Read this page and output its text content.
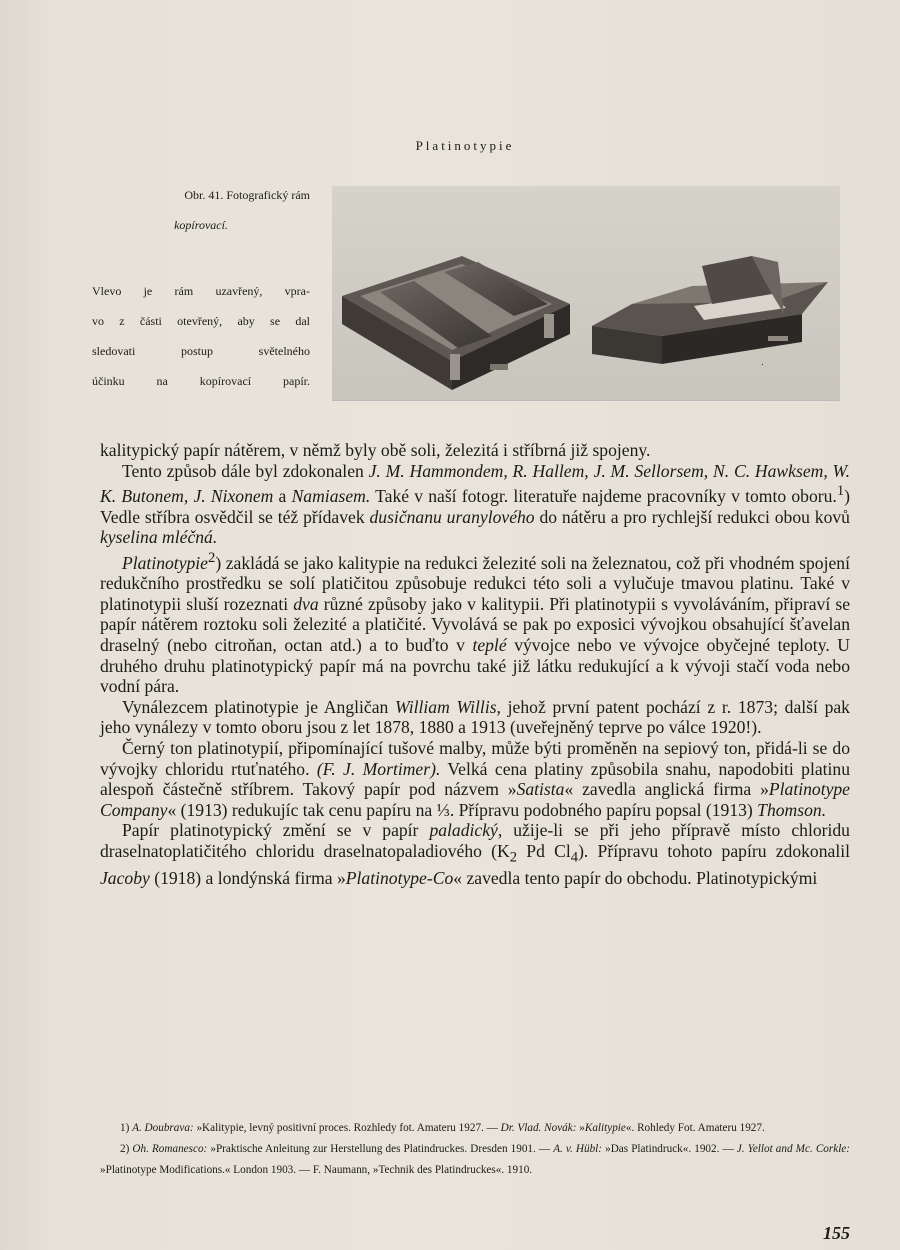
Platinotypie
Obr. 41. Fotografický rám
kopírovací.
Vlevo je rám uzavřený, vpra-
vo z části otevřený, aby se dal
sledovati postup světelného
účinku na kopírovací papír.

kalitypický papír nátěrem, v němž byly obě soli, železitá i stříbrná již spojeny.

Tento způsob dále byl zdokonalen J. M. Hammondem, R. Hallem, J. M. Sellorsem, N. C. Hawksem, W. K. Butonem, J. Nixonem a Namiasem. Také v naší fotogr. literatuře najdeme pracovníky v tomto oboru.$^1$) Vedle stříbra osvědčil se též přídavek dusičnanu uranylového do nátěru a pro rychlejší redukci obou kovů kyselina mléčná.

Platinotypie$^2$) zakládá se jako kalitypie na redukci železité soli na železnatou, což při vhodném spojení redukčního prostředku se solí platičitou způsobuje redukci této soli a vylučuje tmavou platinu. Také v platinotypii sluší rozeznati dva různé způsoby jako v kalitypii. Při platinotypii s vyvoláváním, připraví se papír nátěrem roztoku soli železité a platičité. Vyvolává se pak po exposici vývojkou obsahující šťavelan draselný (nebo citroňan, octan atd.) a to buďto v teplé vývojce nebo ve vývojce obyčejné teploty. U druhého druhu platinotypický papír má na povrchu také již látku redukující a k vývoji stačí voda nebo vodní pára.

Vynálezcem platinotypie je Angličan William Willis, jehož první patent pochází z r. 1873; další pak jeho vynálezy v tomto oboru jsou z let 1878, 1880 a 1913 (uveřejněný teprve po válce 1920!).

Černý ton platinotypií, připomínající tušové malby, může býti proměněn na sepiový ton, přidá-li se do vývojky chloridu rtuťnatého. (F. J. Mortimer). Velká cena platiny způsobila snahu, napodobiti platinu alespoň částečně stříbrem. Takový papír pod názvem »Satista« zavedla anglická firma »Platinotype Company« (1913) redukujíc tak cenu papíru na ⅓. Přípravu podobného papíru popsal (1913) Thomson.

Papír platinotypický změní se v papír paladický, užije-li se při jeho přípravě místo chloridu draselnatoplatičitého chloridu draselnatopaladiového ($K_2$ Pd $Cl_4$). Přípravu tohoto papíru zdokonalil Jacoby (1918) a londýnská firma »Platinotype-Co« zavedla tento papír do obchodu. Platinotypickými

1) A. Doubrava: »Kalitypie, levný positivní proces. Rozhledy fot. Amateru 1927. — Dr. Vlad. Novák: »Kalitypie«. Rohledy Fot. Amateru 1927.

2) Oh. Romanesco: »Praktische Anleitung zur Herstellung des Platindruckes. Dresden 1901. — A. v. Hübl: »Das Platindruck«. 1902. — J. Yellot and Mc. Corkle: »Platinotype Modifications.« London 1903. — F. Naumann, »Technik des Platindruckes«. 1910.

155
